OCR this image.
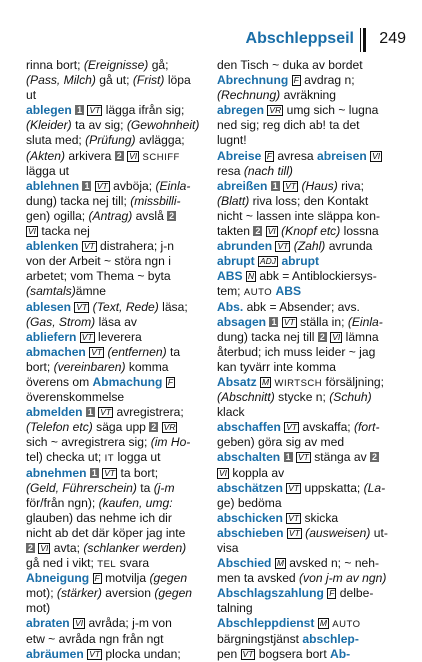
Abschleppseil 249
rinna bort; (Ereignisse) gå;
(Pass, Milch) gå ut; (Frist) löpa
ut
ablegen 1 VT lägga ifrån sig;
(Kleider) ta av sig; (Gewohnheit)
sluta med; (Prüfung) avlägga;
(Akten) arkivera 2 VI SCHIFF
lägga ut
ablehnen 1 VT avböja; (Einla-
dung) tacka nej till; (missbilli-
gen) ogilla; (Antrag) avslå 2
VI tacka nej
ablenken VT distrahera; j-n
von der Arbeit ~ störa ngn i
arbetet; vom Thema ~ byta
(samtals)ämne
ablesen VT (Text, Rede) läsa;
(Gas, Strom) läsa av
abliefern VT leverera
abmachen VT (entfernen) ta
bort; (vereinbaren) komma
överens om Abmachung F
överenskommelse
abmelden 1 VT avregistrera;
(Telefon etc) säga upp 2 VR
sich ~ avregistrera sig; (im Ho-
tel) checka ut; IT logga ut
abnehmen 1 VT ta bort;
(Geld, Führerschein) ta (j-m
för/från ngn); (kaufen, umg:
glauben) das nehme ich dir
nicht ab det där köper jag inte
2 VI avta; (schlanker werden)
gå ned i vikt; TEL svara
Abneigung F motvilja (gegen
mot); (stärker) aversion (gegen
mot)
abraten VI avråda; j-m von
etw ~ avråda ngn från ngt
abräumen VT plocka undan;
den Tisch ~ duka av bordet
Abrechnung F avdrag n;
(Rechnung) avräkning
abregen VR umg sich ~ lugna
ned sig; reg dich ab! ta det
lugnt!
Abreise F avresa abreisen VI
resa (nach till)
abreißen 1 VT (Haus) riva;
(Blatt) riva loss; den Kontakt
nicht ~ lassen inte släppa kon-
takten 2 VI (Knopf etc) lossna
abrunden VT (Zahl) avrunda
abrupt ADJ abrupt
ABS N abk = Antiblockiersys-
tem; AUTO ABS
Abs. abk = Absender; avs.
absagen 1 VT ställa in; (Einla-
dung) tacka nej till 2 VI lämna
återbud; ich muss leider ~ jag
kan tyvärr inte komma
Absatz M WIRTSCH försäljning;
(Abschnitt) stycke n; (Schuh)
klack
abschaffen VT avskaffa; (fort-
geben) göra sig av med
abschalten 1 VT stänga av 2
VI koppla av
abschätzen VT uppskatta; (La-
ge) bedöma
abschicken VT skicka
abschieben VT (ausweisen) ut-
visa
Abschied M avsked n; ~ neh-
men ta avsked (von j-m av ngn)
Abschlagszahlung F delbe-
talning
Abschleppdienst M AUTO
bärgningstjänst abschlep-
pen VT bogsera bort Ab-
